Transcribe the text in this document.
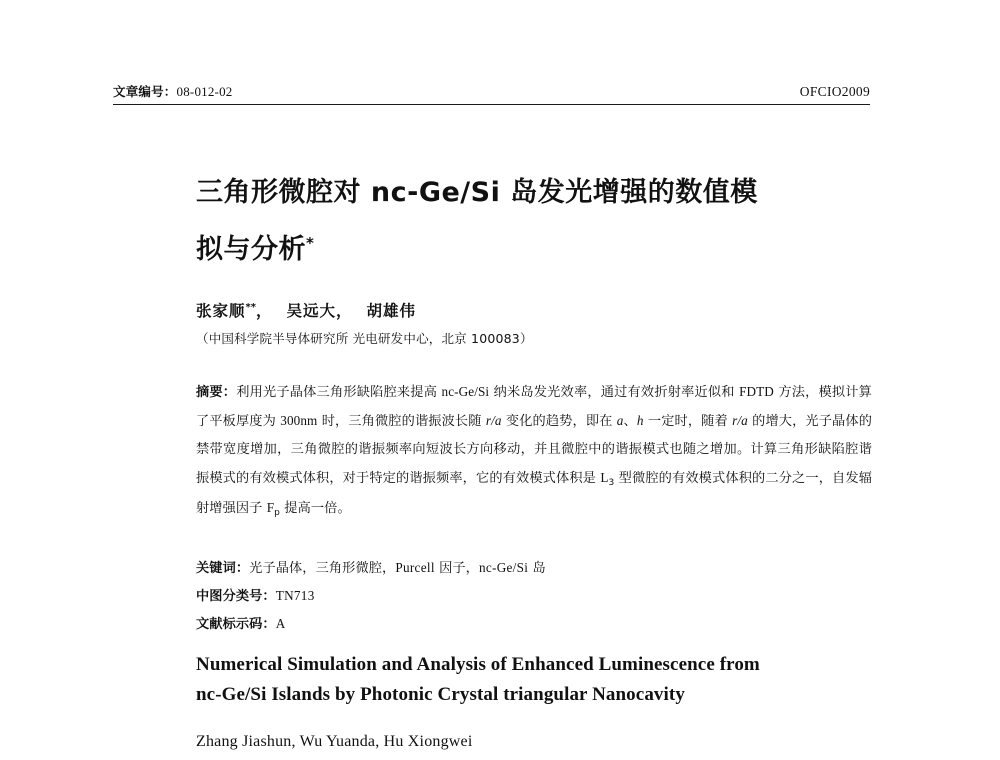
文章编号：08-012-02	OFCIO2009
三角形微腔对 nc-Ge/Si 岛发光增强的数值模
拟与分析*
张家顺**， 吴远大， 胡雄伟
（中国科学院半导体研究所 光电研发中心，北京 100083）
摘要：利用光子晶体三角形缺陷腔来提高 nc-Ge/Si 纳米岛发光效率，通过有效折射率近似和 FDTD 方法，模拟计算了平板厚度为 300nm 时，三角微腔的谐振波长随 r/a 变化的趋势，即在 a、h 一定时，随着 r/a 的增大，光子晶体的禁带宽度增加，三角微腔的谐振频率向短波长方向移动，并且微腔中的谐振模式也随之增加。计算三角形缺陷腔谐振模式的有效模式体积，对于特定的谐振频率，它的有效模式体积是 $L_3$ 型微腔的有效模式体积的二分之一，自发辐射增强因子 $F_p$ 提高一倍。
关键词：光子晶体，三角形微腔，Purcell 因子，nc-Ge/Si 岛
中图分类号：TN713
文献标示码：A
Numerical Simulation and Analysis of Enhanced Luminescence from
nc-Ge/Si Islands by Photonic Crystal triangular Nanocavity
Zhang Jiashun, Wu Yuanda, Hu Xiongwei
